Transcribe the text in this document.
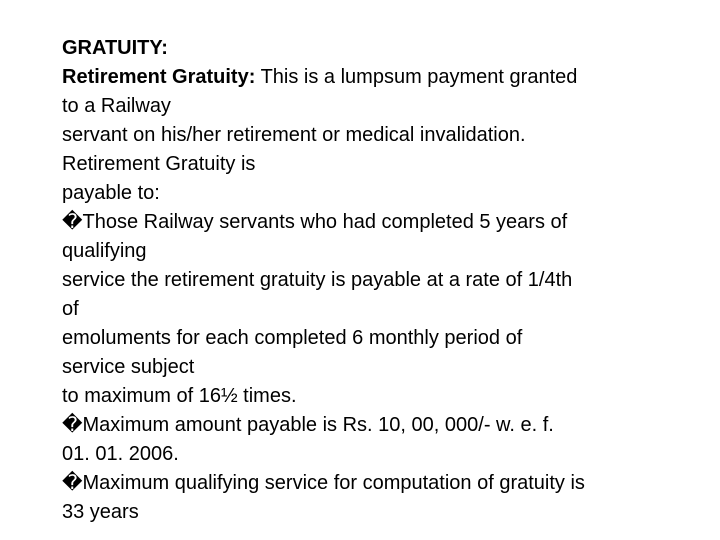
GRATUITY:
Retirement Gratuity: This is a lumpsum payment granted
to a Railway
servant on his/her retirement or medical invalidation.
Retirement Gratuity is
payable to:
�Those Railway servants who had completed 5 years of
qualifying
service the retirement gratuity is payable at a rate of 1/4th
of
emoluments for each completed 6 monthly period of
service subject
to maximum of 16½ times.
�Maximum amount payable is Rs. 10, 00, 000/- w. e. f.
01. 01. 2006.
�Maximum qualifying service for computation of gratuity is
33 years
